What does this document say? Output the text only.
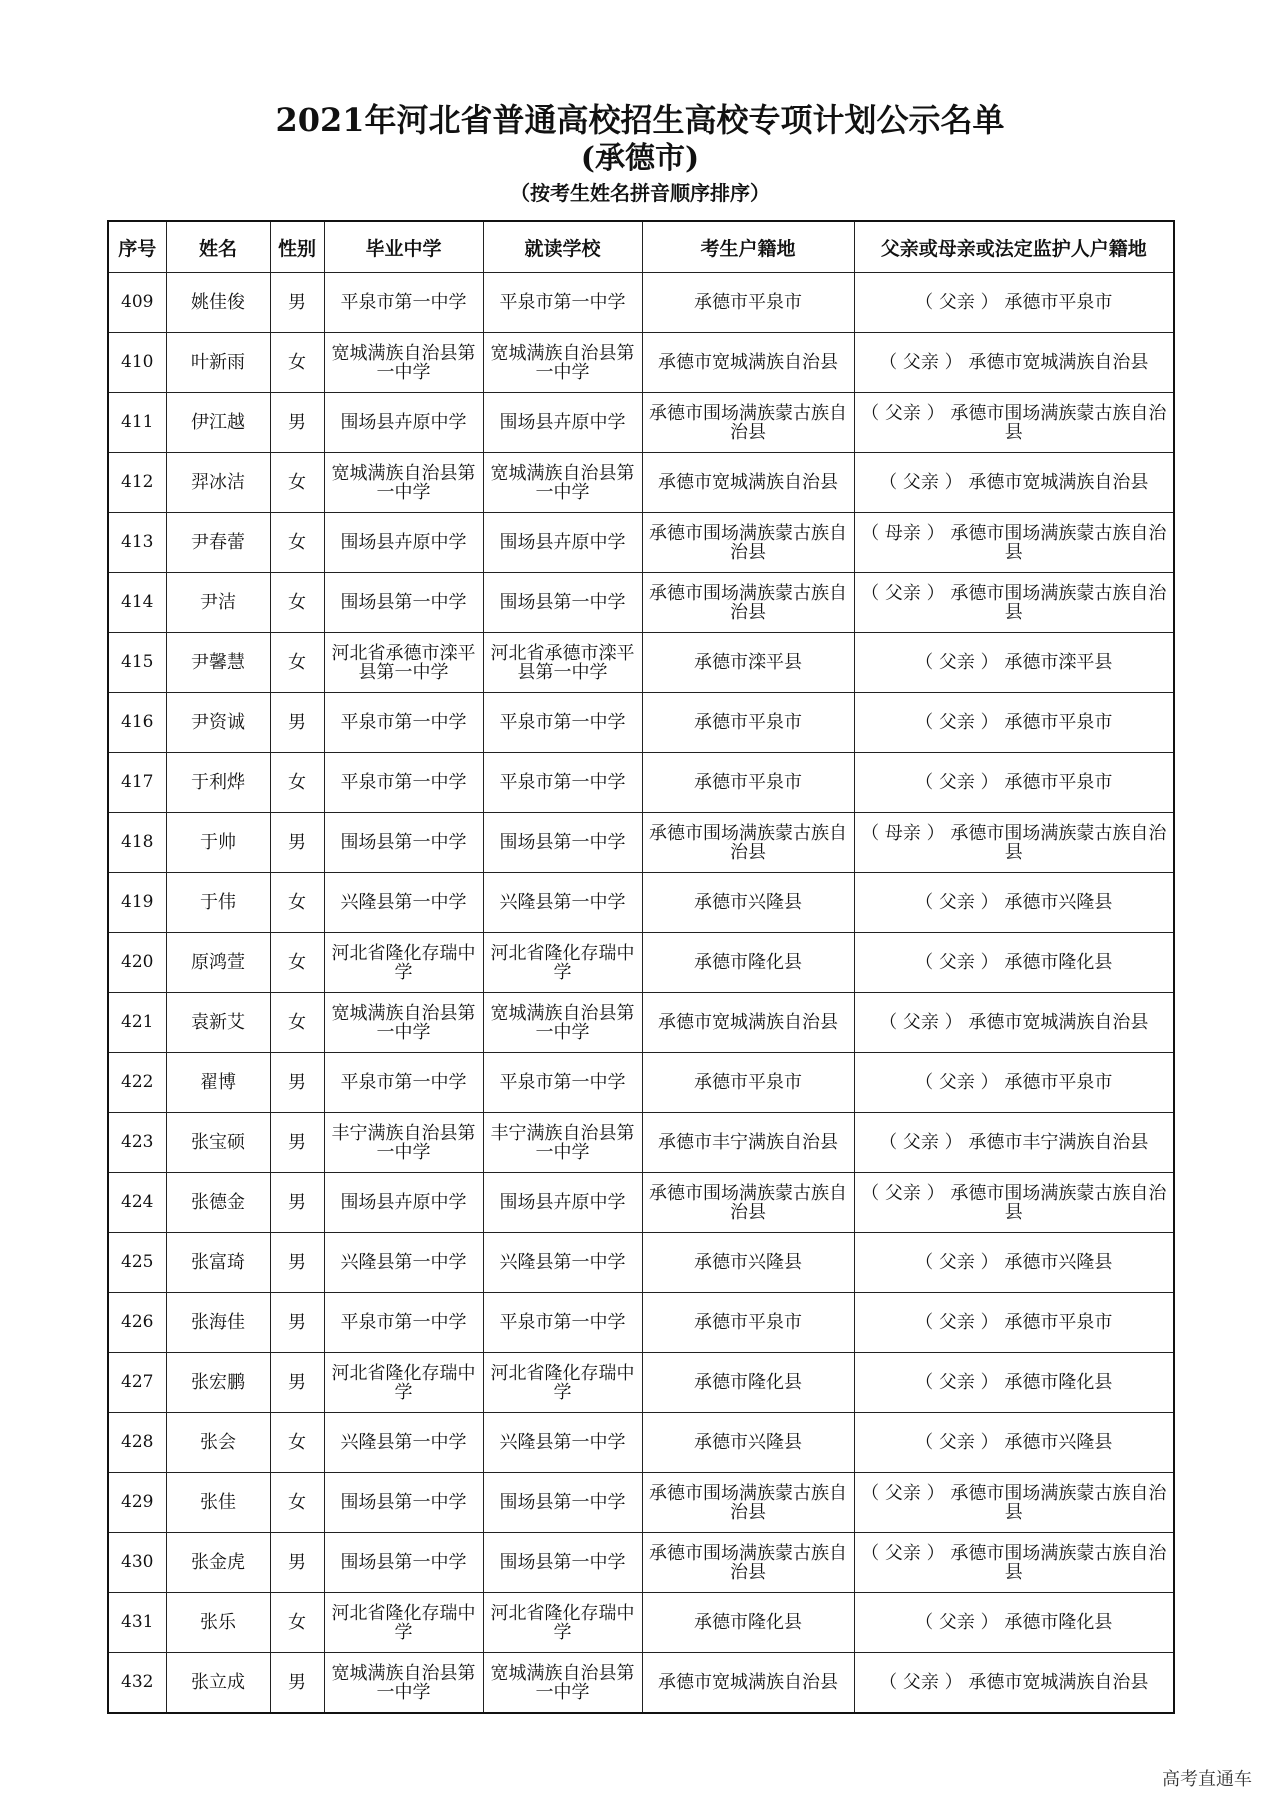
2021年河北省普通高校招生高校专项计划公示名单
(承德市)
（按考生姓名拼音顺序排序）
序号	姓名	性别	毕业中学	就读学校	考生户籍地	父亲或母亲或法定监护人户籍地
409	姚佳俊	男	平泉市第一中学	平泉市第一中学	承德市平泉市	（ 父亲 ） 承德市平泉市
410	叶新雨	女	宽城满族自治县第一中学	宽城满族自治县第一中学	承德市宽城满族自治县	（ 父亲 ） 承德市宽城满族自治县
411	伊江越	男	围场县卉原中学	围场县卉原中学	承德市围场满族蒙古族自治县	（ 父亲 ） 承德市围场满族蒙古族自治县
412	羿冰洁	女	宽城满族自治县第一中学	宽城满族自治县第一中学	承德市宽城满族自治县	（ 父亲 ） 承德市宽城满族自治县
413	尹春蕾	女	围场县卉原中学	围场县卉原中学	承德市围场满族蒙古族自治县	（ 母亲 ） 承德市围场满族蒙古族自治县
414	尹洁	女	围场县第一中学	围场县第一中学	承德市围场满族蒙古族自治县	（ 父亲 ） 承德市围场满族蒙古族自治县
415	尹馨慧	女	河北省承德市滦平县第一中学	河北省承德市滦平县第一中学	承德市滦平县	（ 父亲 ） 承德市滦平县
416	尹资诚	男	平泉市第一中学	平泉市第一中学	承德市平泉市	（ 父亲 ） 承德市平泉市
417	于利烨	女	平泉市第一中学	平泉市第一中学	承德市平泉市	（ 父亲 ） 承德市平泉市
418	于帅	男	围场县第一中学	围场县第一中学	承德市围场满族蒙古族自治县	（ 母亲 ） 承德市围场满族蒙古族自治县
419	于伟	女	兴隆县第一中学	兴隆县第一中学	承德市兴隆县	（ 父亲 ） 承德市兴隆县
420	原鸿萱	女	河北省隆化存瑞中学	河北省隆化存瑞中学	承德市隆化县	（ 父亲 ） 承德市隆化县
421	袁新艾	女	宽城满族自治县第一中学	宽城满族自治县第一中学	承德市宽城满族自治县	（ 父亲 ） 承德市宽城满族自治县
422	翟博	男	平泉市第一中学	平泉市第一中学	承德市平泉市	（ 父亲 ） 承德市平泉市
423	张宝硕	男	丰宁满族自治县第一中学	丰宁满族自治县第一中学	承德市丰宁满族自治县	（ 父亲 ） 承德市丰宁满族自治县
424	张德金	男	围场县卉原中学	围场县卉原中学	承德市围场满族蒙古族自治县	（ 父亲 ） 承德市围场满族蒙古族自治县
425	张富琦	男	兴隆县第一中学	兴隆县第一中学	承德市兴隆县	（ 父亲 ） 承德市兴隆县
426	张海佳	男	平泉市第一中学	平泉市第一中学	承德市平泉市	（ 父亲 ） 承德市平泉市
427	张宏鹏	男	河北省隆化存瑞中学	河北省隆化存瑞中学	承德市隆化县	（ 父亲 ） 承德市隆化县
428	张会	女	兴隆县第一中学	兴隆县第一中学	承德市兴隆县	（ 父亲 ） 承德市兴隆县
429	张佳	女	围场县第一中学	围场县第一中学	承德市围场满族蒙古族自治县	（ 父亲 ） 承德市围场满族蒙古族自治县
430	张金虎	男	围场县第一中学	围场县第一中学	承德市围场满族蒙古族自治县	（ 父亲 ） 承德市围场满族蒙古族自治县
431	张乐	女	河北省隆化存瑞中学	河北省隆化存瑞中学	承德市隆化县	（ 父亲 ） 承德市隆化县
432	张立成	男	宽城满族自治县第一中学	宽城满族自治县第一中学	承德市宽城满族自治县	（ 父亲 ） 承德市宽城满族自治县
高考直通车
